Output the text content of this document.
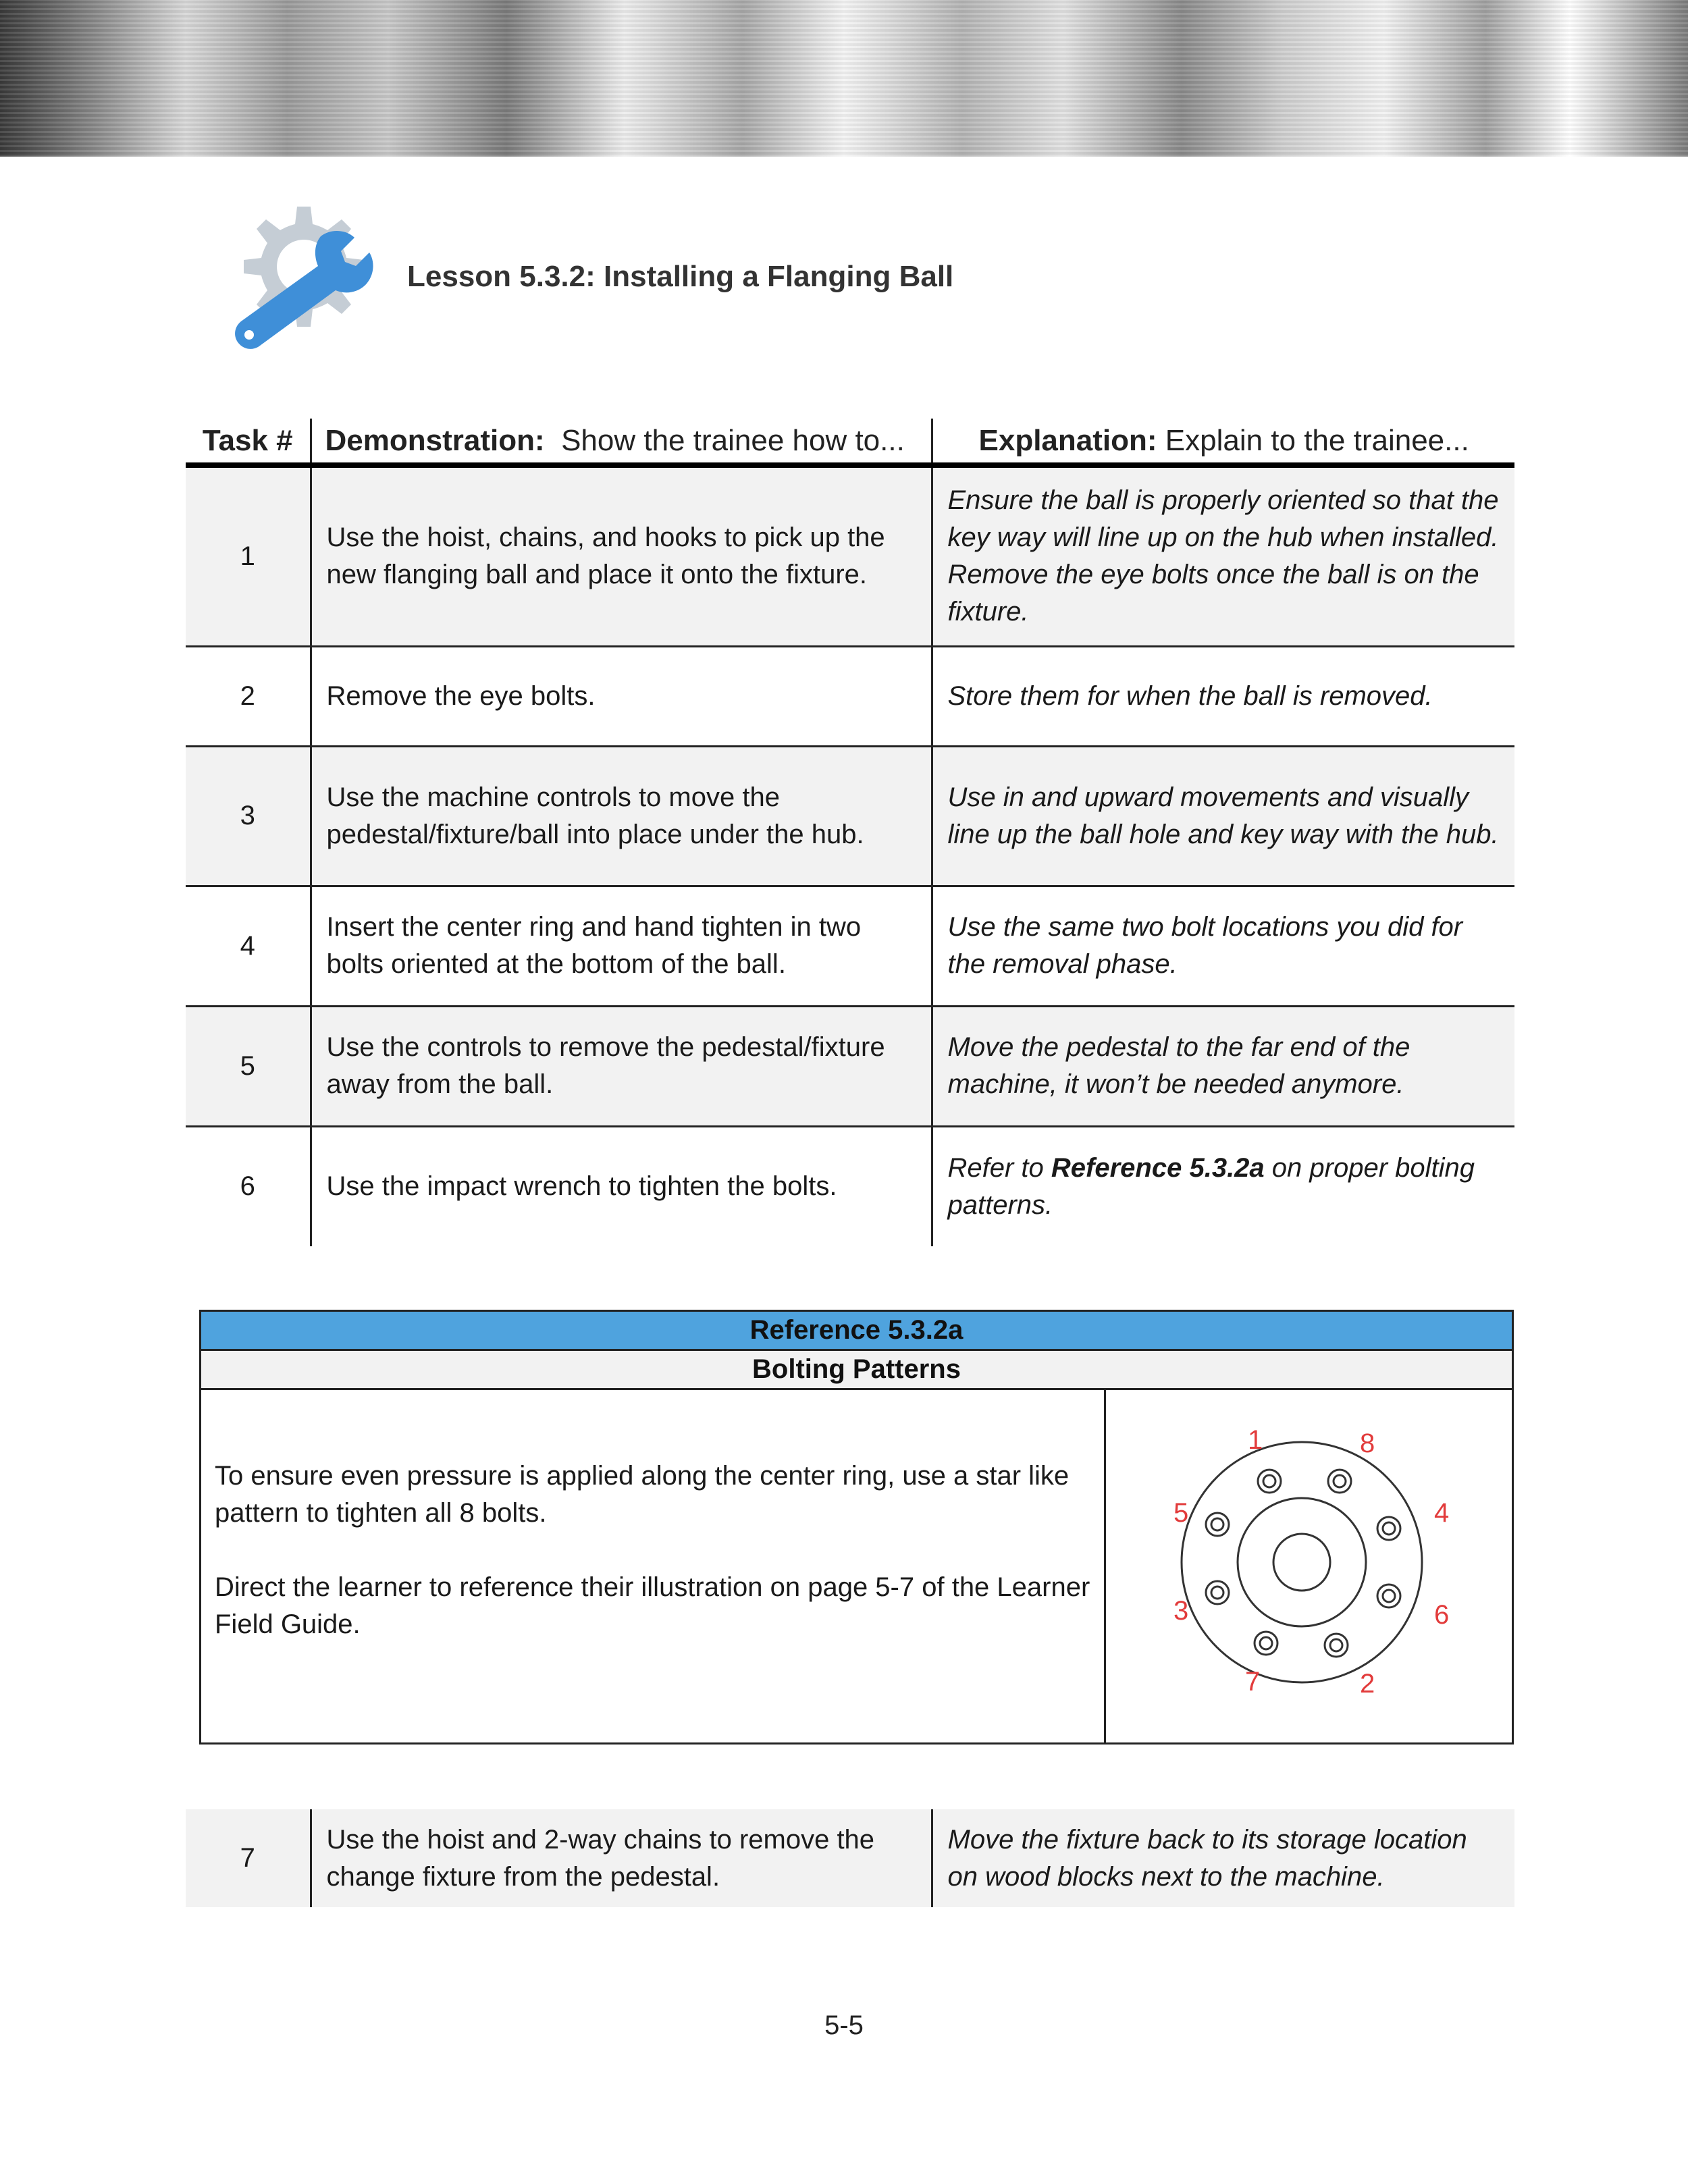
Lesson 5.3.2: Installing a Flanging Ball
Task #	Demonstration:  Show the trainee how to...	Explanation: Explain to the trainee...
1	Use the hoist, chains, and hooks to pick up the new flanging ball and place it onto the fixture.	Ensure the ball is properly oriented so that the key way will line up on the hub when installed. Remove the eye bolts once the ball is on the fixture.
2	Remove the eye bolts.	Store them for when the ball is removed.
3	Use the machine controls to move the pedestal/fixture/ball into place under the hub.	Use in and upward movements and visually line up the ball hole and key way with the hub.
4	Insert the center ring and hand tighten in two bolts oriented at the bottom of the ball.	Use the same two bolt locations you did for the removal phase.
5	Use the controls to remove the pedestal/fixture away from the ball.	Move the pedestal to the far end of the machine, it won’t be needed anymore.
6	Use the impact wrench to tighten the bolts.	Refer to Reference 5.3.2a on proper bolting patterns.
Reference 5.3.2a
Bolting Patterns

To ensure even pressure is applied along the center ring, use a star like pattern to tighten all 8 bolts.

Direct the learner to reference their illustration on page 5-7 of the Learner Field Guide.

1
2
3
4
5
6
7
8
7	Use the hoist and 2-way chains to remove the change fixture from the pedestal.	Move the fixture back to its storage location on wood blocks next to the machine.
5-5
